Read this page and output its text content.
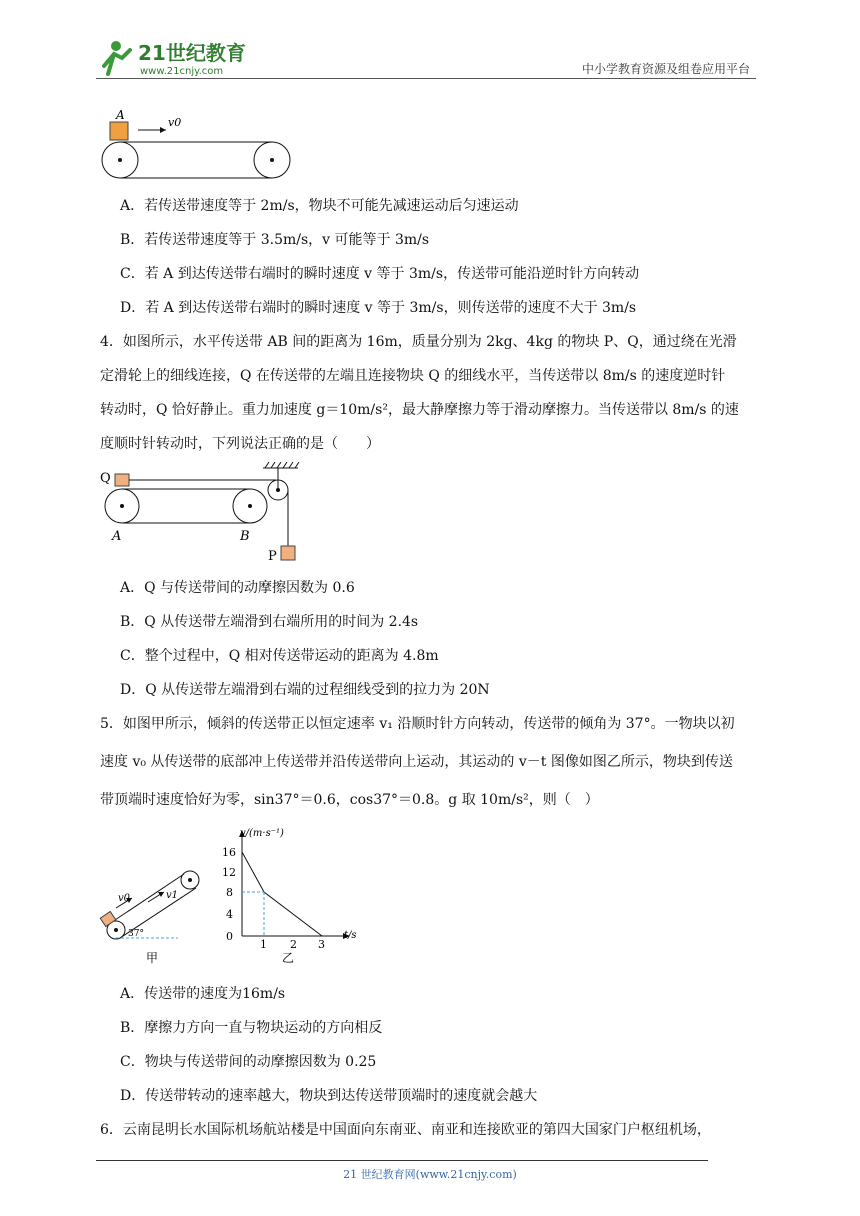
21世纪教育
www.21cnjy.com	中小学教育资源及组卷应用平台
A
v0
A．若传送带速度等于 2m/s，物块不可能先减速运动后匀速运动
B．若传送带速度等于 3.5m/s，v 可能等于 3m/s
C．若 A 到达传送带右端时的瞬时速度 v 等于 3m/s，传送带可能沿逆时针方向转动
D．若 A 到达传送带右端时的瞬时速度 v 等于 3m/s，则传送带的速度不大于 3m/s
4．如图所示，水平传送带 AB 间的距离为 16m，质量分别为 2kg、4kg 的物块 P、Q，通过绕在光滑
定滑轮上的细线连接，Q 在传送带的左端且连接物块 Q 的细线水平，当传送带以 8m/s 的速度逆时针
转动时，Q 恰好静止。重力加速度 g＝10m/s²，最大静摩擦力等于滑动摩擦力。当传送带以 8m/s 的速
度顺时针转动时，下列说法正确的是（　　）
Q
A	B
P
A．Q 与传送带间的动摩擦因数为 0.6
B．Q 从传送带左端滑到右端所用的时间为 2.4s
C．整个过程中，Q 相对传送带运动的距离为 4.8m
D．Q 从传送带左端滑到右端的过程细线受到的拉力为 20N
5．如图甲所示，倾斜的传送带正以恒定速率 v₁ 沿顺时针方向转动，传送带的倾角为 37°。一物块以初
速度 v₀ 从传送带的底部冲上传送带并沿传送带向上运动，其运动的 v－t 图像如图乙所示，物块到传送
带顶端时速度恰好为零，sin37°＝0.6，cos37°＝0.8。g 取 10m/s²，则（　）
v0	v1
37°
甲
v/(m·s⁻¹)
t/s
16
12
8
4
0
1 2 3
乙
A．传送带的速度为16m/s
B．摩擦力方向一直与物块运动的方向相反
C．物块与传送带间的动摩擦因数为 0.25
D．传送带转动的速率越大，物块到达传送带顶端时的速度就会越大
6．云南昆明长水国际机场航站楼是中国面向东南亚、南亚和连接欧亚的第四大国家门户枢纽机场，
21 世纪教育网(www.21cnjy.com)
